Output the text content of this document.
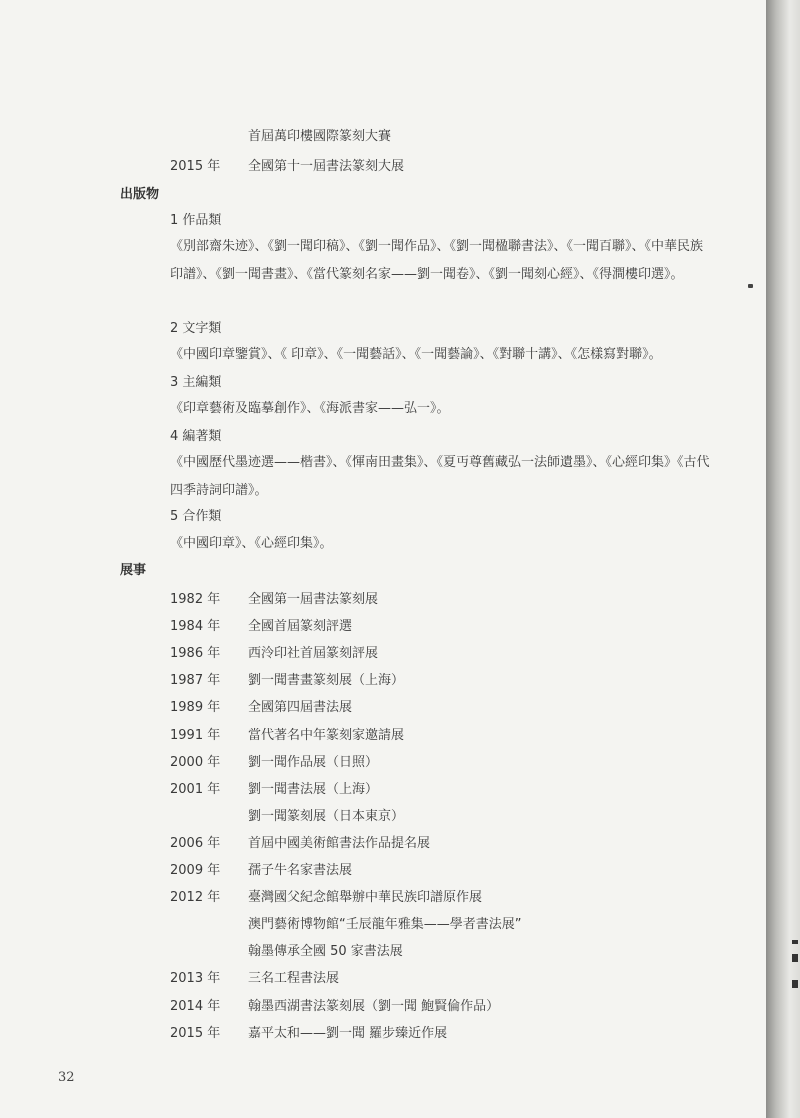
首屆萬印樓國際篆刻大賽
2015 年 全國第十一屆書法篆刻大展
出版物
1 作品類
《別部齋朱迹》、《劉一聞印稿》、《劉一聞作品》、《劉一聞楹聯書法》、《一聞百聯》、《中華民族印譜》、《劉一聞書畫》、《當代篆刻名家——劉一聞卷》、《劉一聞刻心經》、《得澗樓印選》。
2 文字類
《中國印章鑒賞》、《 印章》、《一聞藝話》、《一聞藝論》、《對聯十講》、《怎樣寫對聯》。
3 主編類
《印章藝術及臨摹創作》、《海派書家——弘一》。
4 編著類
《中國歷代墨迹選——楷書》、《惲南田畫集》、《夏丏尊舊藏弘一法師遺墨》、《心經印集》《古代四季詩詞印譜》。
5 合作類
《中國印章》、《心經印集》。
展事
1982 年 全國第一屆書法篆刻展
1984 年 全國首屆篆刻評選
1986 年 西泠印社首屆篆刻評展
1987 年 劉一聞書畫篆刻展（上海）
1989 年 全國第四屆書法展
1991 年 當代著名中年篆刻家邀請展
2000 年 劉一聞作品展（日照）
2001 年 劉一聞書法展（上海）
劉一聞篆刻展（日本東京）
2006 年 首屆中國美術館書法作品提名展
2009 年 孺子牛名家書法展
2012 年 臺灣國父紀念館舉辦中華民族印譜原作展
澳門藝術博物館“壬辰龍年雅集——學者書法展”
翰墨傳承全國 50 家書法展
2013 年 三名工程書法展
2014 年 翰墨西湖書法篆刻展（劉一聞 鮑賢倫作品）
2015 年 嘉平太和——劉一聞 羅步臻近作展
32
